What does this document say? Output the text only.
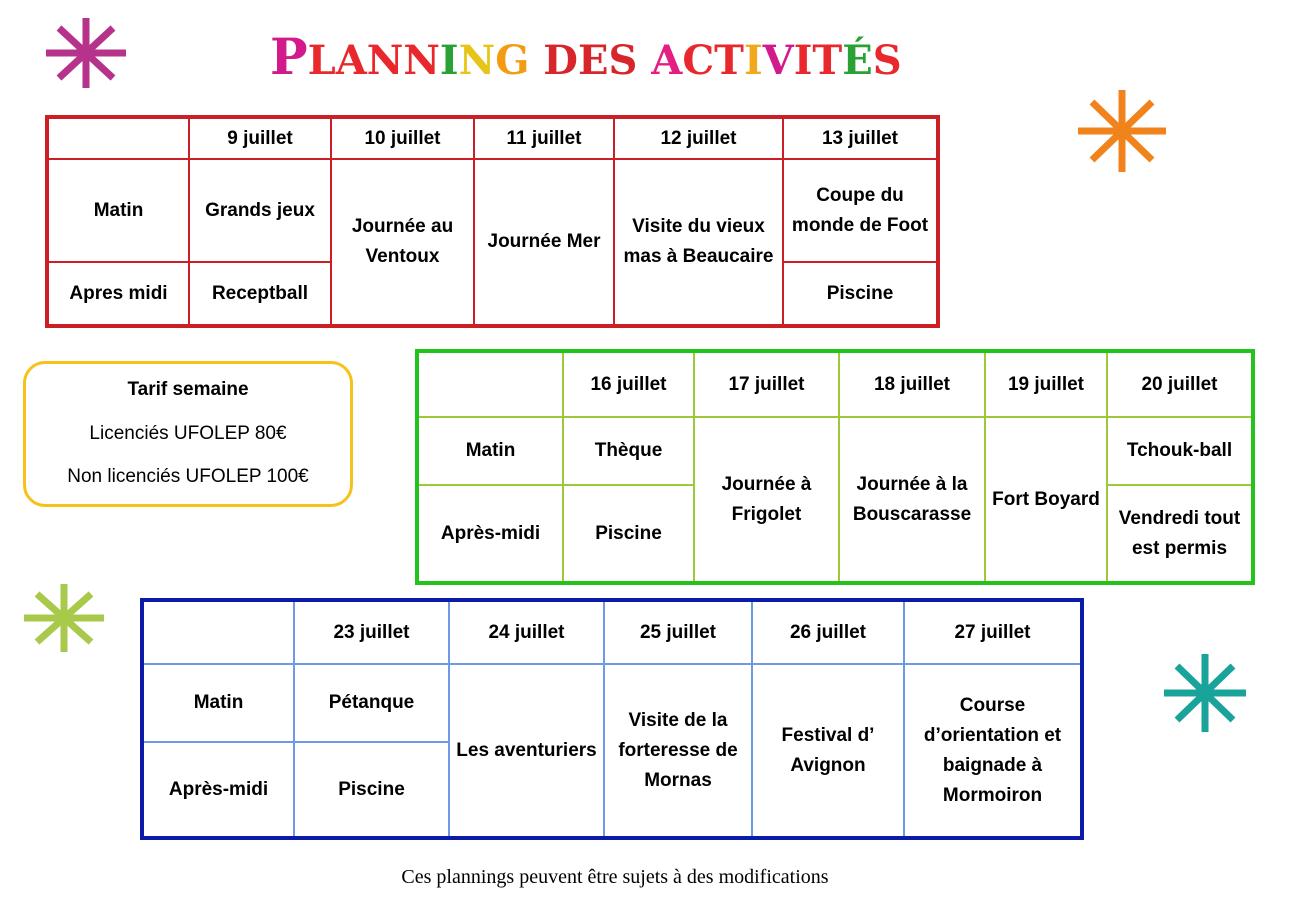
PLANNING DES ACTIVITÉS
	9 juillet	10 juillet	11 juillet	12 juillet	13 juillet
Matin	Grands jeux	Journée au Ventoux	Journée Mer	Visite du vieux mas à Beaucaire	Coupe du monde de Foot
Apres midi	Receptball				Piscine
Tarif semaine
Licenciés UFOLEP 80€
Non licenciés UFOLEP 100€
	16 juillet	17 juillet	18 juillet	19 juillet	20 juillet
Matin	Thèque	Journée à Frigolet	Journée à la Bouscarasse	Fort Boyard	Tchouk-ball
Après-midi	Piscine				Vendredi tout est permis
	23 juillet	24 juillet	25 juillet	26 juillet	27 juillet
Matin	Pétanque	Les aventuriers	Visite de la forteresse de Mornas	Festival d’ Avignon	Course d’orientation et baignade à Mormoiron
Après-midi	Piscine				
Ces plannings peuvent être sujets à des modifications
